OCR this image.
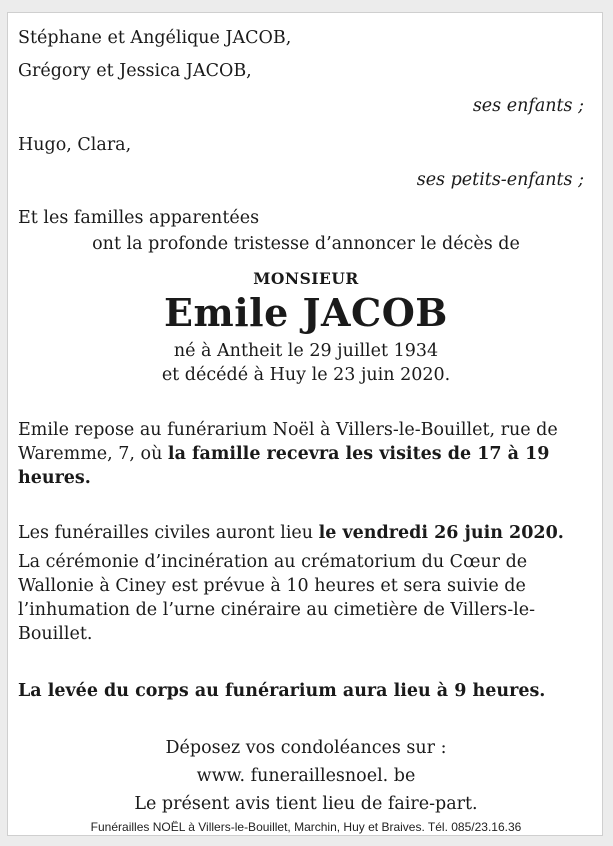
Stéphane et Angélique JACOB,
Grégory et Jessica JACOB,
ses enfants ;
Hugo, Clara,
ses petits-enfants ;
Et les familles apparentées
ont la profonde tristesse d’annoncer le décès de
MONSIEUR
Emile JACOB
né à Antheit le 29 juillet 1934
et décédé à Huy le 23 juin 2020.
Emile repose au funérarium Noël à Villers-le-Bouillet, rue de Waremme, 7, où la famille recevra les visites de 17 à 19 heures.
Les funérailles civiles auront lieu le vendredi 26 juin 2020.
La cérémonie d’incinération au crématorium du Cœur de Wallonie à Ciney est prévue à 10 heures et sera suivie de l’inhumation de l’urne cinéraire au cimetière de Villers-le-Bouillet.
La levée du corps au funérarium aura lieu à 9 heures.
Déposez vos condoléances sur :
www. funeraillesnoel. be
Le présent avis tient lieu de faire-part.
Funérailles NOËL à Villers-le-Bouillet, Marchin, Huy et Braives. Tél. 085/23.16.36
